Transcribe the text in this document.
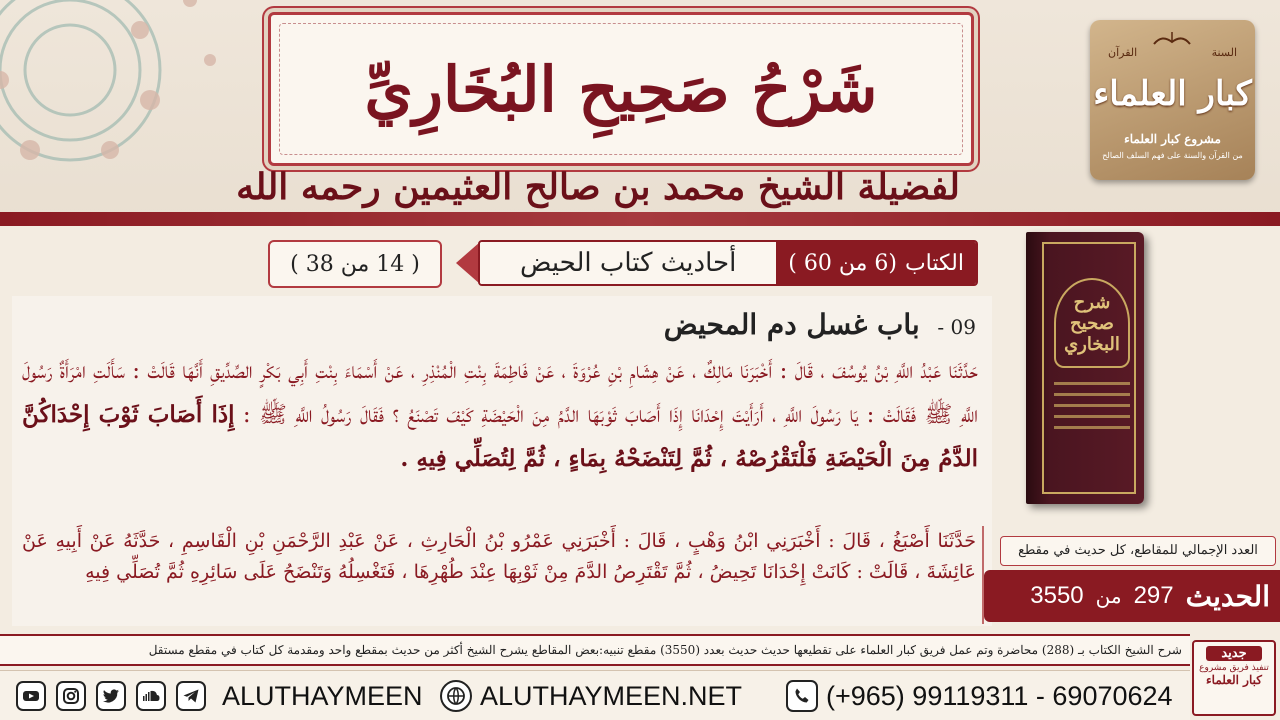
شَرْحُ صَحِيحِ البُخَارِيِّ
لفضيلة الشيخ محمد بن صالح العثيمين رحمه الله
السنة
القرآن
كبار العلماء
مشروع كبار العلماء
من القرآن والسنة على فهم السلف الصالح
( 14 من 38 )	الكتاب
(6 من 60 )
أحاديث كتاب الحيض
09 - باب غسل دم المحيض
حَدَّثَنَا عَبْدُ اللَّهِ بْنُ يُوسُفَ ، قَالَ : أَخْبَرَنَا مَالِكٌ ، عَنْ هِشَامِ بْنِ عُرْوَةَ ، عَنْ فَاطِمَةَ بِنْتِ الْمُنْذِرِ ، عَنْ أَسْمَاءَ بِنْتِ أَبِي بَكْرٍ الصِّدِّيقِ أَنَّهَا قَالَتْ : سَأَلَتِ امْرَأَةٌ رَسُولَ اللَّهِ ﷺ فَقَالَتْ : يَا رَسُولَ اللَّهِ ، أَرَأَيْتَ إِحْدَانَا إِذَا أَصَابَ ثَوْبَهَا الدَّمُ مِنَ الْحَيْضَةِ كَيْفَ تَصْنَعُ ؟ فَقَالَ رَسُولُ اللَّهِ ﷺ : إِذَا أَصَابَ ثَوْبَ إِحْدَاكُنَّ الدَّمُ مِنَ الْحَيْضَةِ فَلْتَقْرُصْهُ ، ثُمَّ لِتَنْضَحْهُ بِمَاءٍ ، ثُمَّ لِتُصَلِّي فِيهِ .
حَدَّثَنَا أَصْبَغُ ، قَالَ : أَخْبَرَنِي ابْنُ وَهْبٍ ، قَالَ : أَخْبَرَنِي عَمْرُو بْنُ الْحَارِثِ ، عَنْ عَبْدِ الرَّحْمَنِ بْنِ الْقَاسِمِ ، حَدَّثَهُ عَنْ أَبِيهِ عَنْ عَائِشَةَ ، قَالَتْ : كَانَتْ إِحْدَانَا تَحِيضُ ، ثُمَّ تَقْتَرِصُ الدَّمَ مِنْ ثَوْبِهَا عِنْدَ طُهْرِهَا ، فَتَغْسِلُهُ وَتَنْضَحُ عَلَى سَائِرِهِ ثُمَّ تُصَلِّي فِيهِ
شرح صحيح البخاري
العدد الإجمالي للمقاطع، كل حديث في مقطع
الحديث
297
من
3550
شرح الشيخ الكتاب بـ (288) محاضرة وتم عمل فريق كبار العلماء على تقطيعها حديث حديث بعدد (3550) مقطع تنبيه:بعض المقاطع يشرح الشيخ أكثر من حديث بمقطع واحد ومقدمة كل كتاب في مقطع مستقل	جديد
تنفيذ فريق مشروع
كبار العلماء
ALUTHAYMEEN ALUTHAYMEEN.NET	(+965) 99119311 - 69070624
